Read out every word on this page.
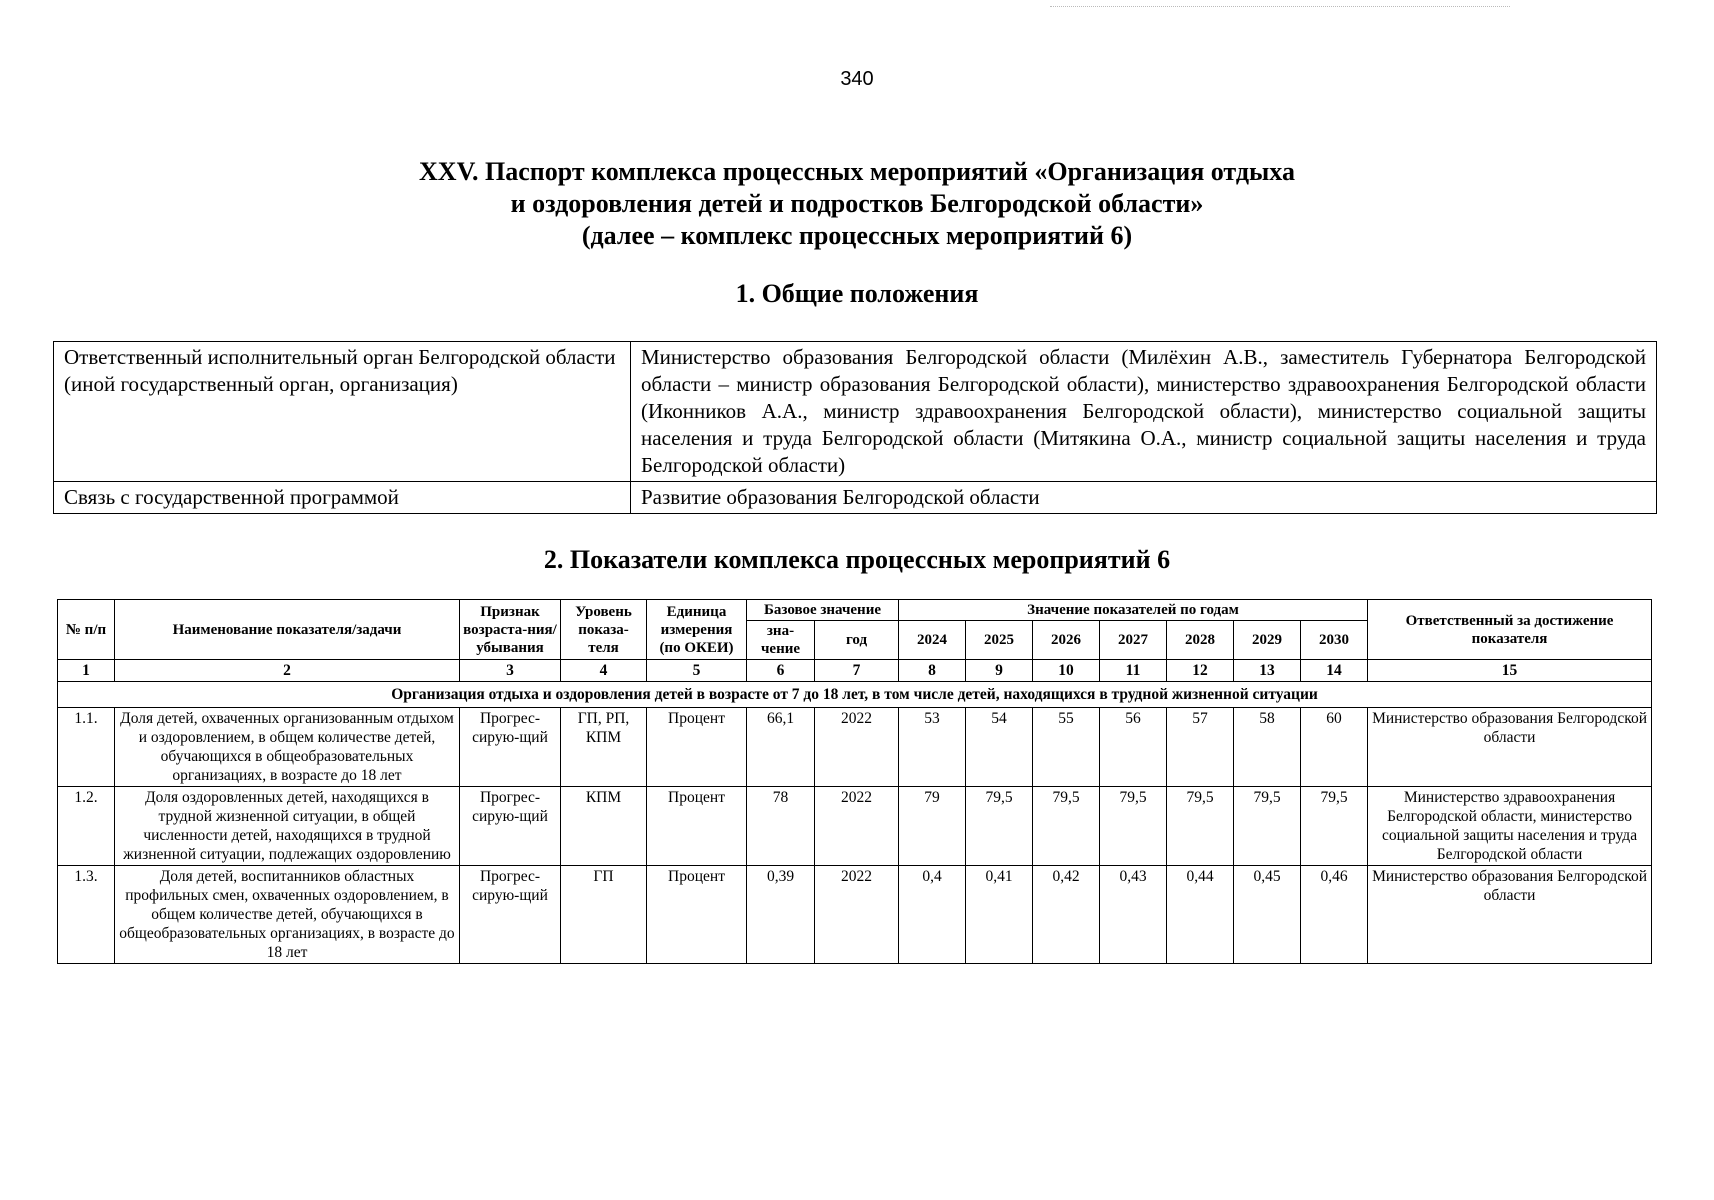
340
XXV. Паспорт комплекса процессных мероприятий «Организация отдыха
и оздоровления детей и подростков Белгородской области»
(далее – комплекс процессных мероприятий 6)
1. Общие положения
Ответственный исполнительный орган Белгородской области (иной государственный орган, организация)	Министерство образования Белгородской области (Милёхин А.В., заместитель Губернатора Белгородской области – министр образования Белгородской области), министерство здравоохранения Белгородской области (Иконников А.А., министр здравоохранения Белгородской области), министерство социальной защиты населения и труда Белгородской области (Митякина О.А., министр социальной защиты населения и труда Белгородской области)
Связь с государственной программой	Развитие образования Белгородской области
2. Показатели комплекса процессных мероприятий 6
№ п/п	Наименование показателя/задачи	Признак возраста-ния/ убывания	Уровень показа-теля	Единица измерения (по ОКЕИ)	Базовое значение		Значение показателей по годам							Ответственный за достижение показателя
					зна-чение	год	2024	2025	2026	2027	2028	2029	2030	
1	2	3	4	5	6	7	8	9	10	11	12	13	14	15
Организация отдыха и оздоровления детей в возрасте от 7 до 18 лет, в том числе детей, находящихся в трудной жизненной ситуации														
1.1.	Доля детей, охваченных организованным отдыхом и оздоровлением, в общем количестве детей, обучающихся в общеобразовательных организациях, в возрасте до 18 лет	Прогрес-сирую-щий	ГП, РП, КПМ	Процент	66,1	2022	53	54	55	56	57	58	60	Министерство образования Белгородской области
1.2.	Доля оздоровленных детей, находящихся в трудной жизненной ситуации, в общей численности детей, находящихся в трудной жизненной ситуации, подлежащих оздоровлению	Прогрес-сирую-щий	КПМ	Процент	78	2022	79	79,5	79,5	79,5	79,5	79,5	79,5	Министерство здравоохранения Белгородской области, министерство социальной защиты населения и труда Белгородской области
1.3.	Доля детей, воспитанников областных профильных смен, охваченных оздоровлением, в общем количестве детей, обучающихся в общеобразовательных организациях, в возрасте до 18 лет	Прогрес-сирую-щий	ГП	Процент	0,39	2022	0,4	0,41	0,42	0,43	0,44	0,45	0,46	Министерство образования Белгородской области
